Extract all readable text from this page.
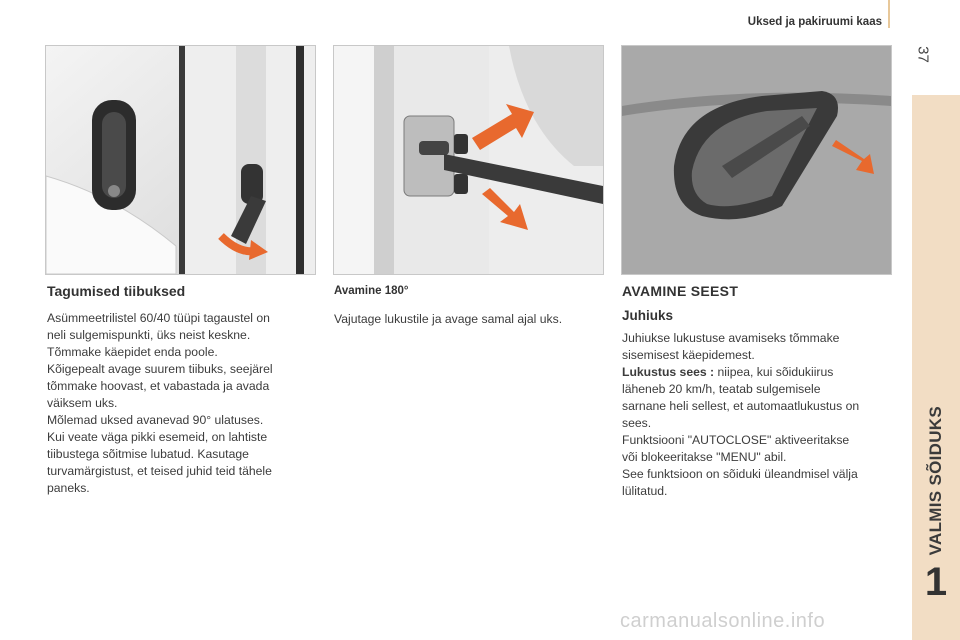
Uksed ja pakiruumi kaas
37
VALMIS SÕIDUKS
1
Tagumised tiibuksed

Asümmeetrilistel 60/40 tüüpi tagaustel on

neli sulgemispunkti, üks neist keskne.

Tõmmake käepidet enda poole.

Kõigepealt avage suurem tiibuks, seejärel

tõmmake hoovast, et vabastada ja avada

väiksem uks.

Mõlemad uksed avanevad 90° ulatuses.

Kui veate väga pikki esemeid, on lahtiste

tiibustega sõitmise lubatud. Kasutage

turvamärgistust, et teised juhid teid tähele

paneks.

Avamine 180°

Vajutage lukustile ja avage samal ajal uks.

AVAMINE SEEST
Juhiuks

Juhiukse lukustuse avamiseks tõmmake

sisemisest käepidemest.

Lukustus sees : niipea, kui sõidukiirus

läheneb 20 km/h, teatab sulgemisele

sarnane heli sellest, et automaatlukustus on

sees.

Funktsiooni "AUTOCLOSE" aktiveeritakse

või blokeeritakse "MENU" abil.

See funktsioon on sõiduki üleandmisel välja

lülitatud.

carmanualsonline.info
